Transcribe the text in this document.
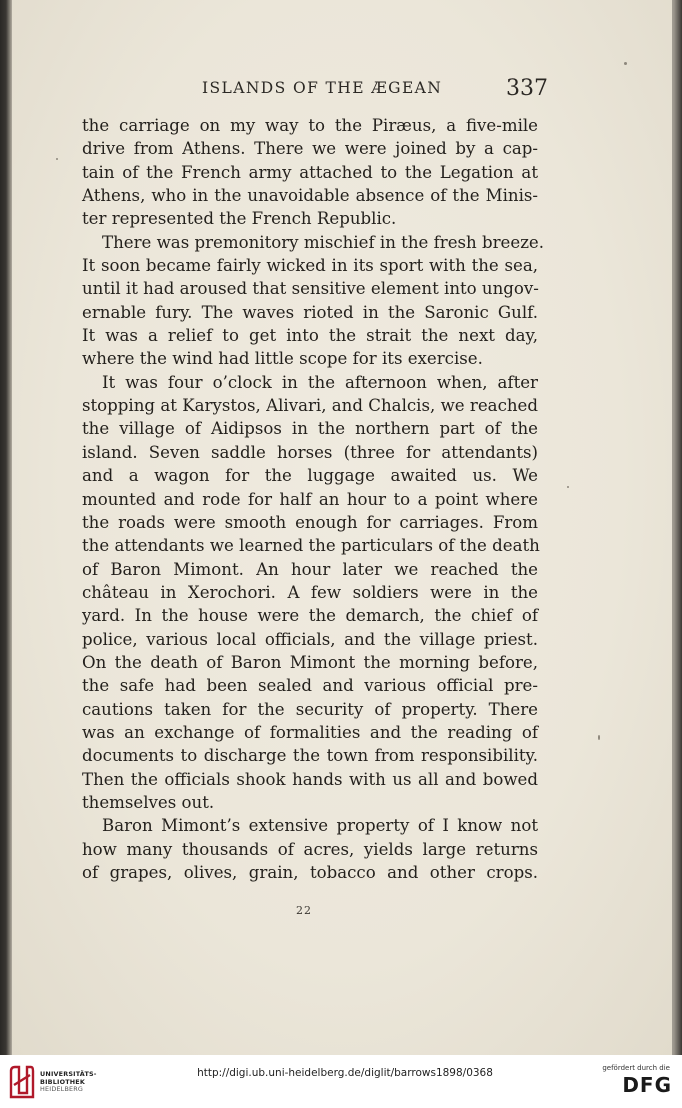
ISLANDS OF THE ÆGEAN	337
the carriage on my way to the Piræus, a five-mile
drive from Athens. There we were joined by a cap-
tain of the French army attached to the Legation at
Athens, who in the unavoidable absence of the Minis-
ter represented the French Republic.
There was premonitory mischief in the fresh breeze.
It soon became fairly wicked in its sport with the sea,
until it had aroused that sensitive element into ungov-
ernable fury. The waves rioted in the Saronic Gulf.
It was a relief to get into the strait the next day,
where the wind had little scope for its exercise.
It was four o’clock in the afternoon when, after
stopping at Karystos, Alivari, and Chalcis, we reached
the village of Aidipsos in the northern part of the
island. Seven saddle horses (three for attendants)
and a wagon for the luggage awaited us. We
mounted and rode for half an hour to a point where
the roads were smooth enough for carriages. From
the attendants we learned the particulars of the death
of Baron Mimont. An hour later we reached the
château in Xerochori. A few soldiers were in the
yard. In the house were the demarch, the chief of
police, various local officials, and the village priest.
On the death of Baron Mimont the morning before,
the safe had been sealed and various official pre-
cautions taken for the security of property. There
was an exchange of formalities and the reading of
documents to discharge the town from responsibility.
Then the officials shook hands with us all and bowed
themselves out.
Baron Mimont’s extensive property of I know not
how many thousands of acres, yields large returns
of grapes, olives, grain, tobacco and other crops.
22
UNIVERSITÄTS-
BIBLIOTHEK
HEIDELBERG
http://digi.ub.uni-heidelberg.de/diglit/barrows1898/0368	gefördert durch die
DFG
